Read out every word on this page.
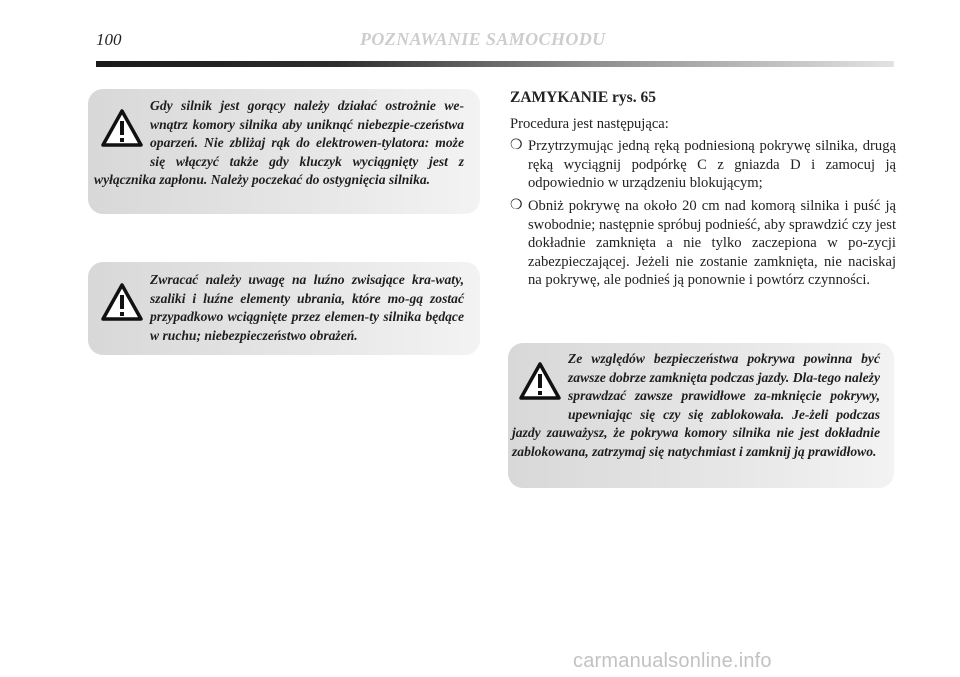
100	POZNAWANIE SAMOCHODU
Gdy silnik jest gorący należy działać ostrożnie we-wnątrz komory silnika aby uniknąć niebezpie-czeństwa oparzeń. Nie zbliżaj rąk do elektrowen-tylatora: może się włączyć także gdy kluczyk wyciągnięty jest z wyłącznika zapłonu. Należy poczekać do ostygnięcia silnika.
Zwracać należy uwagę na luźno zwisające kra-waty, szaliki i luźne elementy ubrania, które mo-gą zostać przypadkowo wciągnięte przez elemen-ty silnika będące w ruchu; niebezpieczeństwo obrażeń.
ZAMYKANIE rys. 65
Procedura jest następująca:
❍ Przytrzymując jedną ręką podniesioną pokrywę silnika, drugą ręką wyciągnij podpórkę C z gniazda D i zamocuj ją odpowiednio w urządzeniu blokującym;
❍ Obniż pokrywę na około 20 cm nad komorą silnika i puść ją swobodnie; następnie spróbuj podnieść, aby sprawdzić czy jest dokładnie zamknięta a nie tylko zaczepiona w po-zycji zabezpieczającej. Jeżeli nie zostanie zamknięta, nie naciskaj na pokrywę, ale podnieś ją ponownie i powtórz czynności.
Ze względów bezpieczeństwa pokrywa powinna być zawsze dobrze zamknięta podczas jazdy. Dla-tego należy sprawdzać zawsze prawidłowe za-mknięcie pokrywy, upewniając się czy się zablokowała. Je-żeli podczas jazdy zauważysz, że pokrywa komory silnika nie jest dokładnie zablokowana, zatrzymaj się natychmiast i zamknij ją prawidłowo.
carmanualsonline.info
